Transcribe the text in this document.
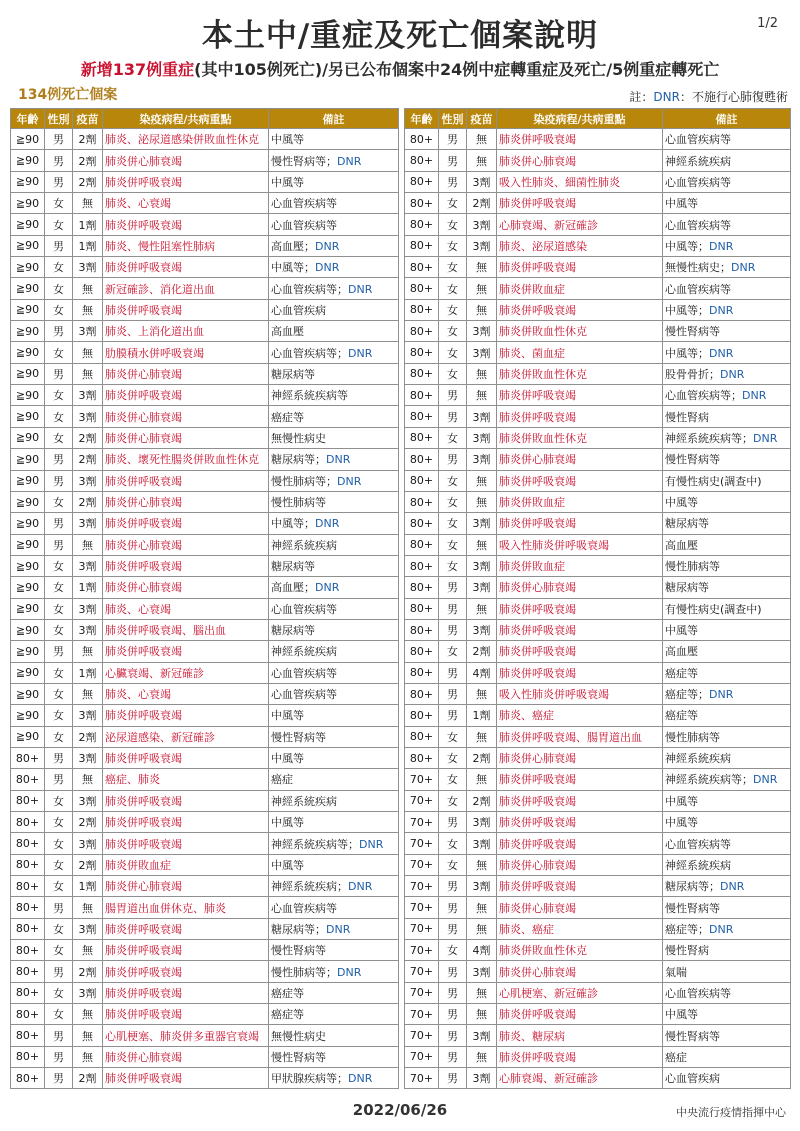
本土中/重症及死亡個案說明	1/2
新增137例重症(其中105例死亡)/另已公布個案中24例中症轉重症及死亡/5例重症轉死亡
134例死亡個案	註：DNR：不施行心肺復甦術
年齡	性別	疫苗	染疫病程/共病重點	備註
≧90	男	2劑	肺炎、泌尿道感染併敗血性休克	中風等
≧90	男	2劑	肺炎併心肺衰竭	慢性腎病等；DNR
≧90	男	2劑	肺炎併呼吸衰竭	中風等
≧90	女	無	肺炎、心衰竭	心血管疾病等
≧90	女	1劑	肺炎併呼吸衰竭	心血管疾病等
≧90	男	1劑	肺炎、慢性阻塞性肺病	高血壓；DNR
≧90	女	3劑	肺炎併呼吸衰竭	中風等；DNR
≧90	女	無	新冠確診、消化道出血	心血管疾病等；DNR
≧90	女	無	肺炎併呼吸衰竭	心血管疾病
≧90	男	3劑	肺炎、上消化道出血	高血壓
≧90	女	無	肋膜積水併呼吸衰竭	心血管疾病等；DNR
≧90	男	無	肺炎併心肺衰竭	糖尿病等
≧90	女	3劑	肺炎併呼吸衰竭	神經系統疾病等
≧90	女	3劑	肺炎併心肺衰竭	癌症等
≧90	女	2劑	肺炎併心肺衰竭	無慢性病史
≧90	男	2劑	肺炎、壞死性腸炎併敗血性休克	糖尿病等；DNR
≧90	男	3劑	肺炎併呼吸衰竭	慢性肺病等；DNR
≧90	女	2劑	肺炎併心肺衰竭	慢性肺病等
≧90	男	3劑	肺炎併呼吸衰竭	中風等；DNR
≧90	男	無	肺炎併心肺衰竭	神經系統疾病
≧90	女	3劑	肺炎併呼吸衰竭	糖尿病等
≧90	女	1劑	肺炎併心肺衰竭	高血壓；DNR
≧90	女	3劑	肺炎、心衰竭	心血管疾病等
≧90	女	3劑	肺炎併呼吸衰竭、腦出血	糖尿病等
≧90	男	無	肺炎併呼吸衰竭	神經系統疾病
≧90	女	1劑	心臟衰竭、新冠確診	心血管疾病等
≧90	女	無	肺炎、心衰竭	心血管疾病等
≧90	女	3劑	肺炎併呼吸衰竭	中風等
≧90	女	2劑	泌尿道感染、新冠確診	慢性腎病等
80+	男	3劑	肺炎併呼吸衰竭	中風等
80+	男	無	癌症、肺炎	癌症
80+	女	3劑	肺炎併呼吸衰竭	神經系統疾病
80+	女	2劑	肺炎併呼吸衰竭	中風等
80+	女	3劑	肺炎併呼吸衰竭	神經系統疾病等；DNR
80+	女	2劑	肺炎併敗血症	中風等
80+	女	1劑	肺炎併心肺衰竭	神經系統疾病；DNR
80+	男	無	腸胃道出血併休克、肺炎	心血管疾病等
80+	女	3劑	肺炎併呼吸衰竭	糖尿病等；DNR
80+	女	無	肺炎併呼吸衰竭	慢性腎病等
80+	男	2劑	肺炎併呼吸衰竭	慢性肺病等；DNR
80+	女	3劑	肺炎併呼吸衰竭	癌症等
80+	女	無	肺炎併呼吸衰竭	癌症等
80+	男	無	心肌梗塞、肺炎併多重器官衰竭	無慢性病史
80+	男	無	肺炎併心肺衰竭	慢性腎病等
80+	男	2劑	肺炎併呼吸衰竭	甲狀腺疾病等；DNR
年齡	性別	疫苗	染疫病程/共病重點	備註
80+	男	無	肺炎併呼吸衰竭	心血管疾病等
80+	男	無	肺炎併心肺衰竭	神經系統疾病
80+	男	3劑	吸入性肺炎、細菌性肺炎	心血管疾病等
80+	女	2劑	肺炎併呼吸衰竭	中風等
80+	女	3劑	心肺衰竭、新冠確診	心血管疾病等
80+	女	3劑	肺炎、泌尿道感染	中風等；DNR
80+	女	無	肺炎併呼吸衰竭	無慢性病史；DNR
80+	女	無	肺炎併敗血症	心血管疾病等
80+	女	無	肺炎併呼吸衰竭	中風等；DNR
80+	女	3劑	肺炎併敗血性休克	慢性腎病等
80+	女	3劑	肺炎、菌血症	中風等；DNR
80+	女	無	肺炎併敗血性休克	股骨骨折；DNR
80+	男	無	肺炎併呼吸衰竭	心血管疾病等；DNR
80+	男	3劑	肺炎併呼吸衰竭	慢性腎病
80+	女	3劑	肺炎併敗血性休克	神經系統疾病等；DNR
80+	男	3劑	肺炎併心肺衰竭	慢性腎病等
80+	女	無	肺炎併呼吸衰竭	有慢性病史(調查中)
80+	女	無	肺炎併敗血症	中風等
80+	女	3劑	肺炎併呼吸衰竭	糖尿病等
80+	女	無	吸入性肺炎併呼吸衰竭	高血壓
80+	女	3劑	肺炎併敗血症	慢性肺病等
80+	男	3劑	肺炎併心肺衰竭	糖尿病等
80+	男	無	肺炎併呼吸衰竭	有慢性病史(調查中)
80+	男	3劑	肺炎併呼吸衰竭	中風等
80+	女	2劑	肺炎併呼吸衰竭	高血壓
80+	男	4劑	肺炎併呼吸衰竭	癌症等
80+	男	無	吸入性肺炎併呼吸衰竭	癌症等；DNR
80+	男	1劑	肺炎、癌症	癌症等
80+	女	無	肺炎併呼吸衰竭、腸胃道出血	慢性肺病等
80+	女	2劑	肺炎併心肺衰竭	神經系統疾病
70+	女	無	肺炎併呼吸衰竭	神經系統疾病等；DNR
70+	女	2劑	肺炎併呼吸衰竭	中風等
70+	男	3劑	肺炎併呼吸衰竭	中風等
70+	女	3劑	肺炎併呼吸衰竭	心血管疾病等
70+	女	無	肺炎併心肺衰竭	神經系統疾病
70+	男	3劑	肺炎併呼吸衰竭	糖尿病等；DNR
70+	男	無	肺炎併心肺衰竭	慢性腎病等
70+	男	無	肺炎、癌症	癌症等；DNR
70+	女	4劑	肺炎併敗血性休克	慢性腎病
70+	男	3劑	肺炎併心肺衰竭	氣喘
70+	男	無	心肌梗塞、新冠確診	心血管疾病等
70+	男	無	肺炎併呼吸衰竭	中風等
70+	男	3劑	肺炎、糖尿病	慢性腎病等
70+	男	無	肺炎併呼吸衰竭	癌症
70+	男	3劑	心肺衰竭、新冠確診	心血管疾病
2022/06/26	中央流行疫情指揮中心
